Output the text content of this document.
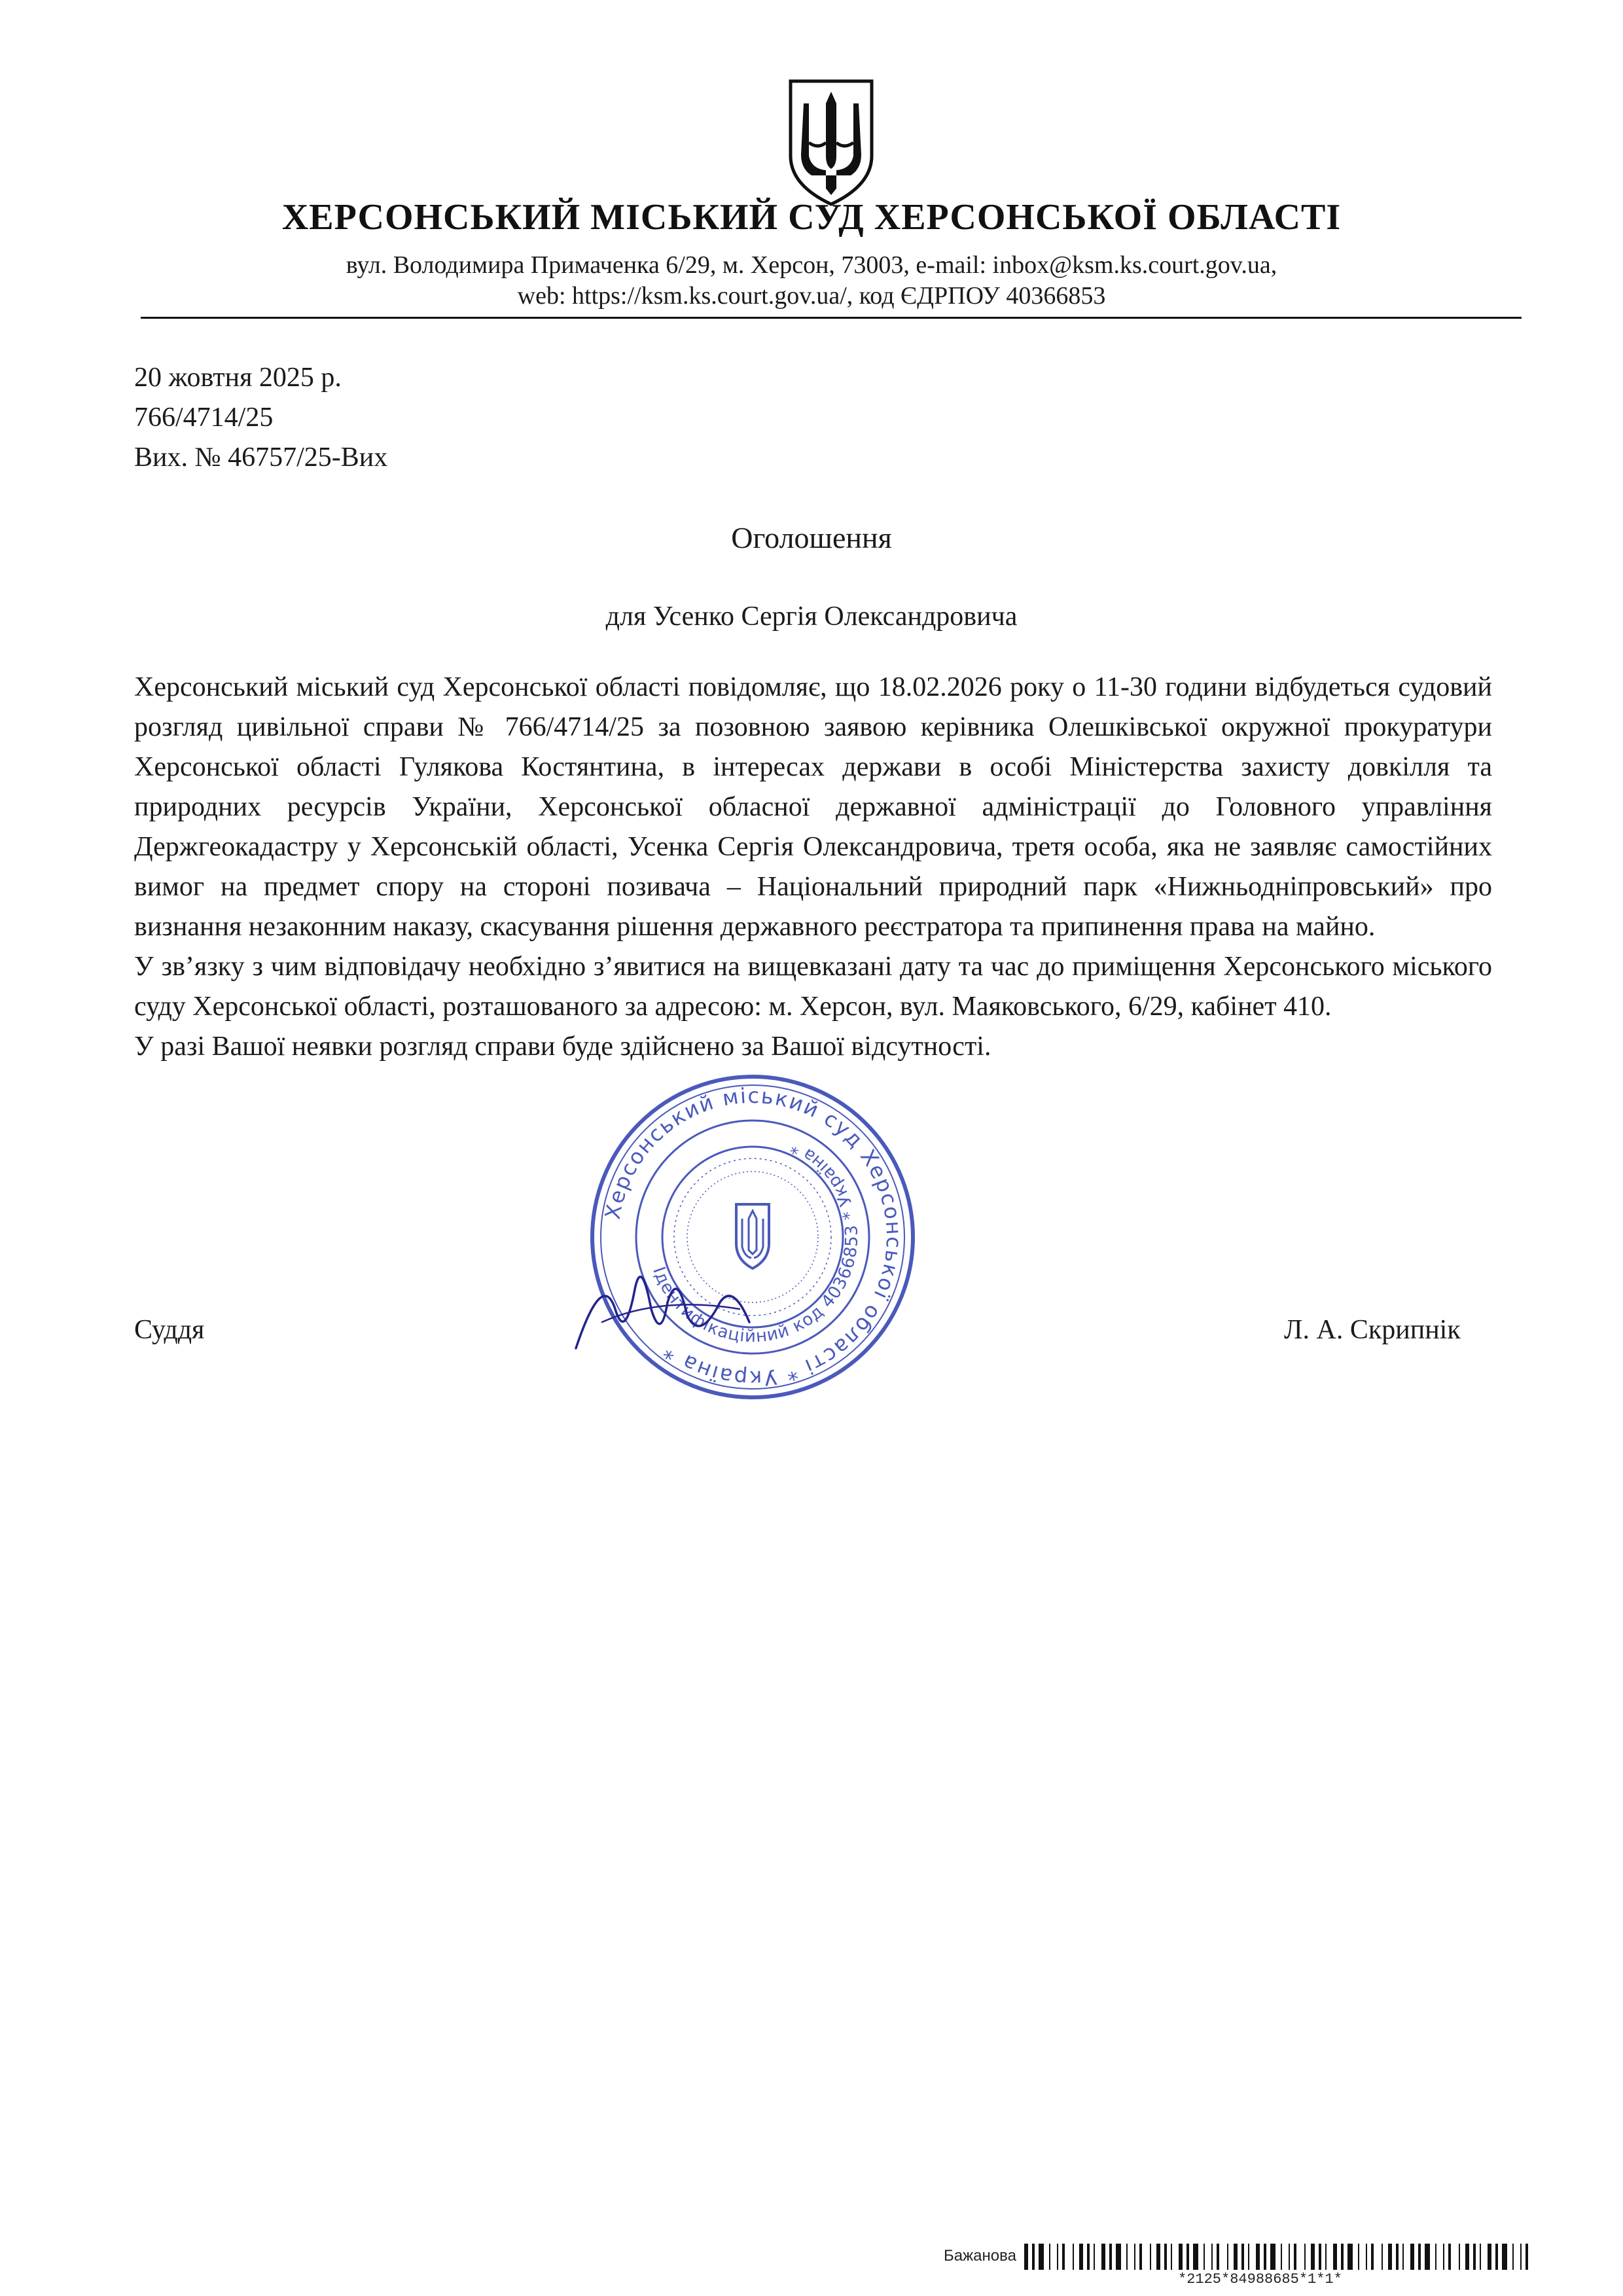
ХЕРСОНСЬКИЙ МІСЬКИЙ СУД ХЕРСОНСЬКОЇ ОБЛАСТІ
вул. Володимира Примаченка 6/29, м. Херсон, 73003, e-mail: inbox@ksm.ks.court.gov.ua,
web: https://ksm.ks.court.gov.ua/, код ЄДРПОУ 40366853
20 жовтня 2025 р.
766/4714/25
Вих. № 46757/25-Вих
Оголошення
для Усенко Сергія Олександровича

Херсонський міський суд Херсонської області повідомляє, що 18.02.2026 року о 11-30 години відбудеться судовий розгляд цивільної справи № 766/4714/25 за позовною заявою керівника Олешківської окружної прокуратури Херсонської області Гулякова Костянтина, в інтересах держави в особі Міністерства захисту довкілля та природних ресурсів України, Херсонської обласної державної адміністрації до Головного управління Держгеокадастру у Херсонській області, Усенка Сергія Олександровича, третя особа, яка не заявляє самостійних вимог на предмет спору на стороні позивача – Національний природний парк «Нижньодніпровський» про визнання незаконним наказу, скасування рішення державного реєстратора та припинення права на майно.

У зв’язку з чим відповідачу необхідно з’явитися на вищевказані дату та час до приміщення Херсонського міського суду Херсонської області, розташованого за адресою: м. Херсон, вул. Маяковського, 6/29, кабінет 410.

У разі Вашої неявки розгляд справи буде здійснено за Вашої відсутності.

Херсонський міський суд Херсонської області * Україна *
Ідентифікаційний код 40366853 * Україна *
Суддя	Л. А. Скрипнік
Бажанова
*2125*84988685*1*1*
